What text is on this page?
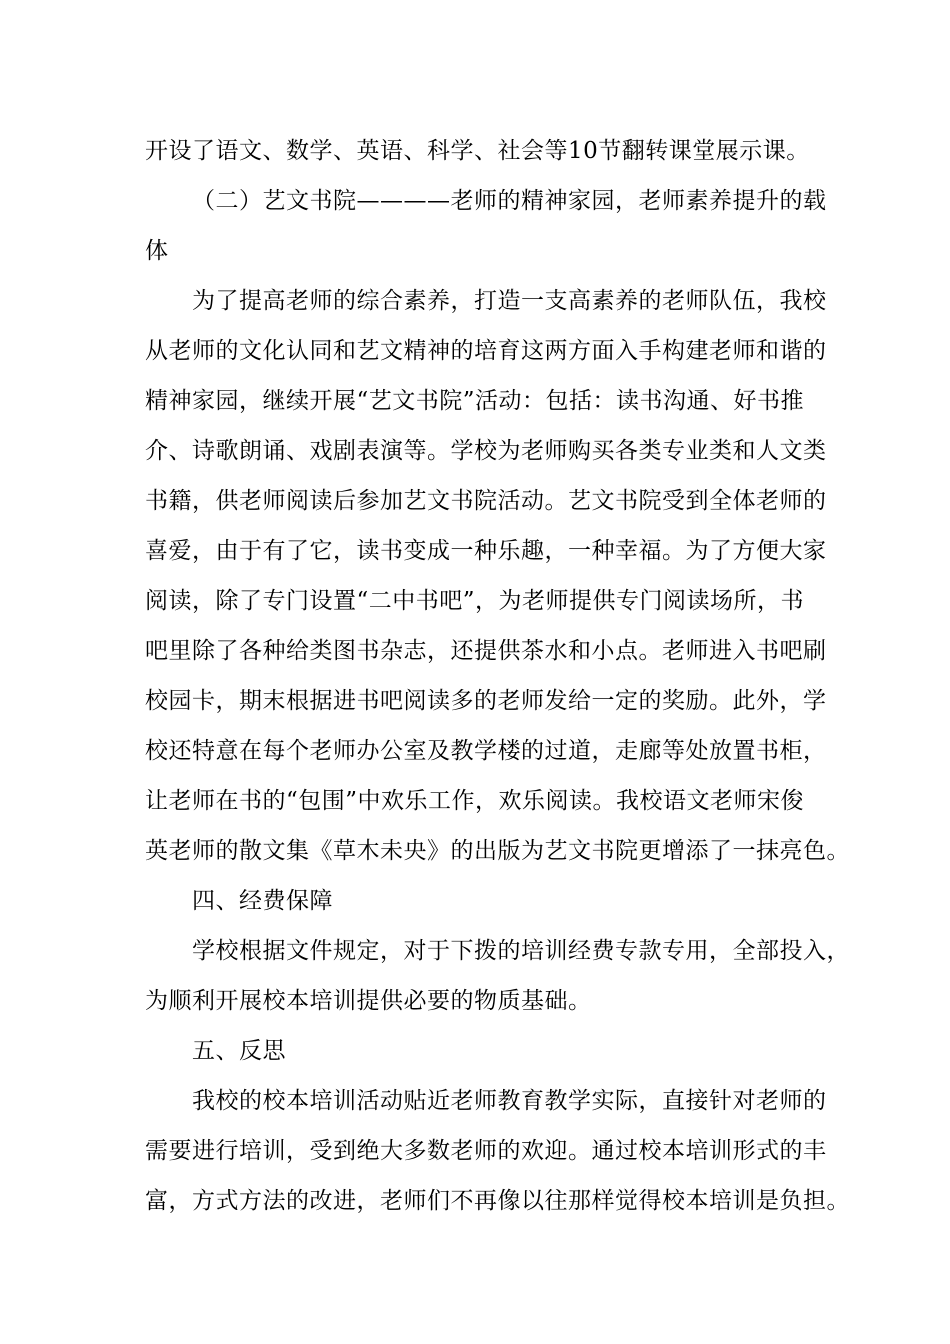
开设了语文、数学、英语、科学、社会等10节翻转课堂展示课。
（二）艺文书院————老师的精神家园，老师素养提升的载
体
为了提高老师的综合素养，打造一支高素养的老师队伍，我校
从老师的文化认同和艺文精神的培育这两方面入手构建老师和谐的
精神家园，继续开展“艺文书院”活动：包括：读书沟通、好书推
介、诗歌朗诵、戏剧表演等。学校为老师购买各类专业类和人文类
书籍，供老师阅读后参加艺文书院活动。艺文书院受到全体老师的
喜爱，由于有了它，读书变成一种乐趣，一种幸福。为了方便大家
阅读，除了专门设置“二中书吧”，为老师提供专门阅读场所，书
吧里除了各种给类图书杂志，还提供茶水和小点。老师进入书吧刷
校园卡，期末根据进书吧阅读多的老师发给一定的奖励。此外，学
校还特意在每个老师办公室及教学楼的过道，走廊等处放置书柜，
让老师在书的“包围”中欢乐工作，欢乐阅读。我校语文老师宋俊
英老师的散文集《草木未央》的出版为艺文书院更增添了一抹亮色。
四、经费保障
学校根据文件规定，对于下拨的培训经费专款专用，全部投入，
为顺利开展校本培训提供必要的物质基础。
五、反思
我校的校本培训活动贴近老师教育教学实际，直接针对老师的
需要进行培训，受到绝大多数老师的欢迎。通过校本培训形式的丰
富，方式方法的改进，老师们不再像以往那样觉得校本培训是负担。
